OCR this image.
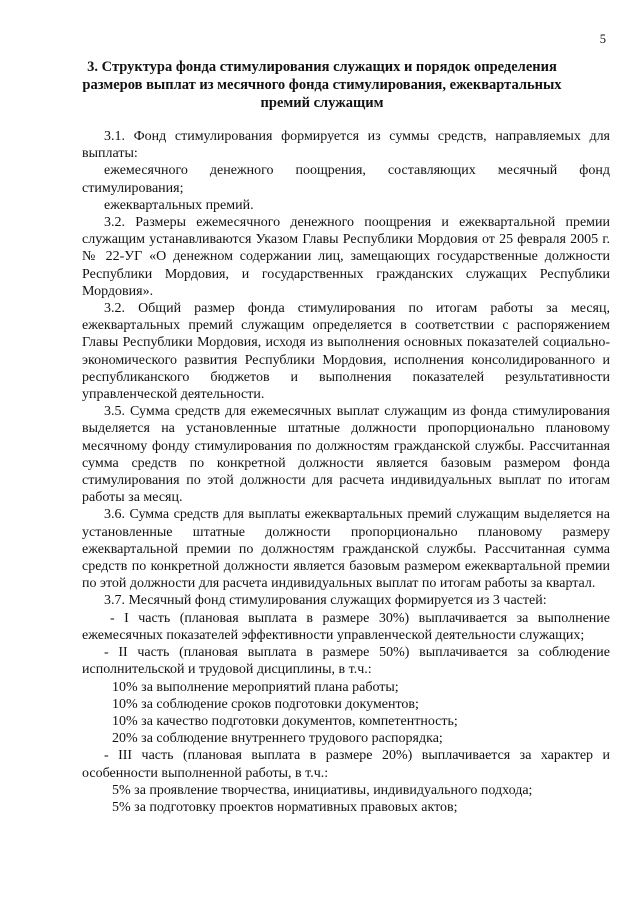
5
3. Структура фонда стимулирования служащих и порядок определения размеров выплат из месячного фонда стимулирования, ежеквартальных премий служащим

3.1. Фонд стимулирования формируется из суммы средств, направляемых для выплаты:

ежемесячного денежного поощрения, составляющих месячный фонд стимулирования;

ежеквартальных премий.

3.2. Размеры ежемесячного денежного поощрения и ежеквартальной премии служащим устанавливаются Указом Главы Республики Мордовия от 25 февраля 2005 г. № 22-УГ «О денежном содержании лиц, замещающих государственные должности Республики Мордовия, и государственных гражданских служащих Республики Мордовия».

3.2. Общий размер фонда стимулирования по итогам работы за месяц, ежеквартальных премий служащим определяется в соответствии с распоряжением Главы Республики Мордовия, исходя из выполнения основных показателей социально-экономического развития Республики Мордовия, исполнения консолидированного и республиканского бюджетов и выполнения показателей результативности управленческой деятельности.

3.5. Сумма средств для ежемесячных выплат служащим из фонда стимулирования выделяется на установленные штатные должности пропорционально плановому месячному фонду стимулирования по должностям гражданской службы. Рассчитанная сумма средств по конкретной должности является базовым размером фонда стимулирования по этой должности для расчета индивидуальных выплат по итогам работы за месяц.

3.6. Сумма средств для выплаты ежеквартальных премий служащим выделяется на установленные штатные должности пропорционально плановому размеру ежеквартальной премии по должностям гражданской службы. Рассчитанная сумма средств по конкретной должности является базовым размером ежеквартальной премии по этой должности для расчета индивидуальных выплат по итогам работы за квартал.

3.7. Месячный фонд стимулирования служащих формируется из 3 частей:

- I часть (плановая выплата в размере 30%) выплачивается за выполнение ежемесячных показателей эффективности управленческой деятельности служащих;

- II часть (плановая выплата в размере 50%) выплачивается за соблюдение исполнительской и трудовой дисциплины, в т.ч.:

10% за выполнение мероприятий плана работы;

10% за соблюдение сроков подготовки документов;

10% за качество подготовки документов, компетентность;

20% за соблюдение внутреннего трудового распорядка;

- III часть (плановая выплата в размере 20%) выплачивается за характер и особенности выполненной работы, в т.ч.:

5% за проявление творчества, инициативы, индивидуального подхода;

5% за подготовку проектов нормативных правовых актов;
